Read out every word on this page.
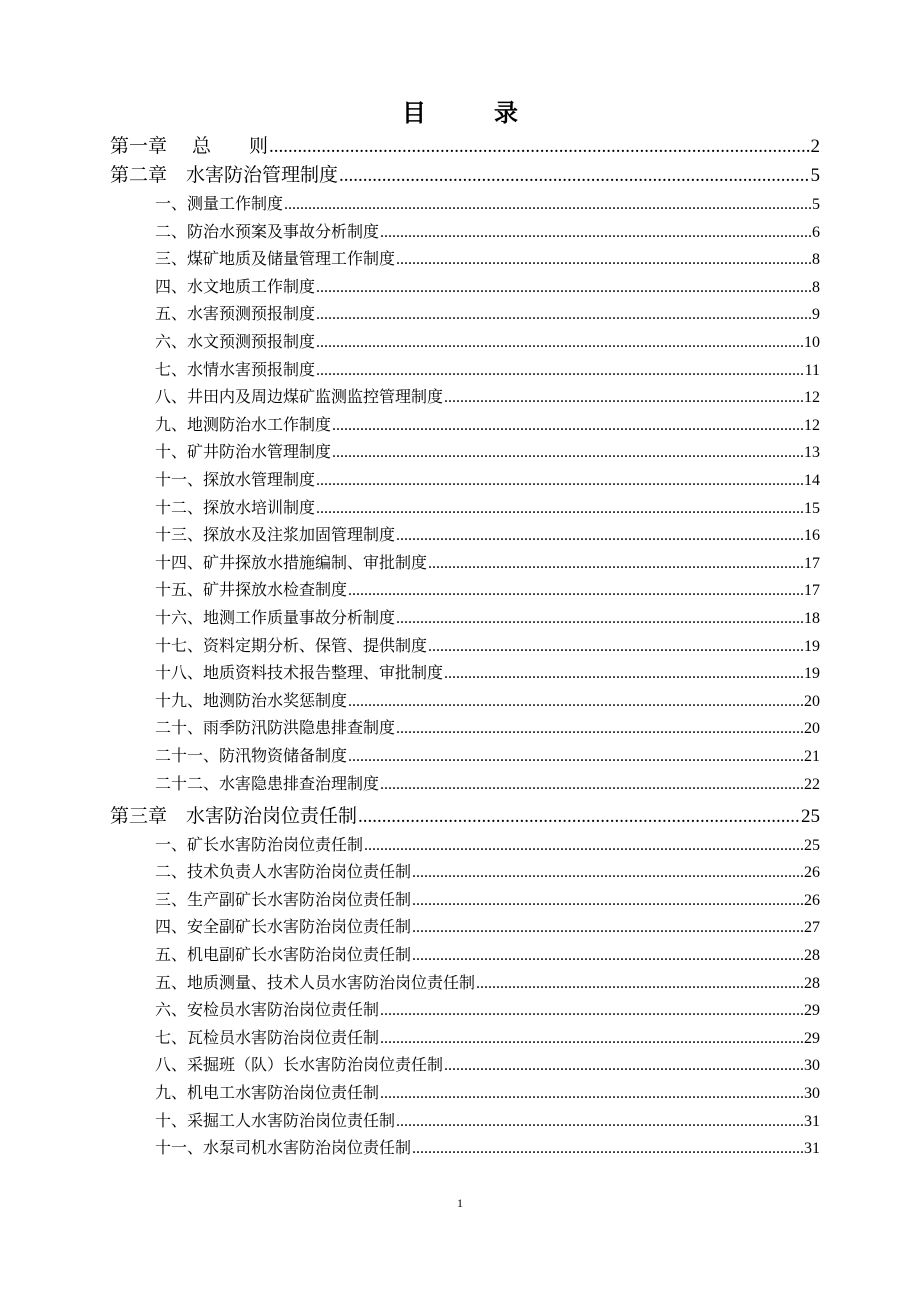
目　录
第一章　 总　　则 .....	2
第二章　水害防治管理制度 .....	5
一、测量工作制度 .....	5
二、防治水预案及事故分析制度 .....	6
三、煤矿地质及储量管理工作制度 .....	8
四、水文地质工作制度 .....	8
五、水害预测预报制度 .....	9
六、水文预测预报制度 .....	10
七、水情水害预报制度 .....	11
八、井田内及周边煤矿监测监控管理制度 .....	12
九、地测防治水工作制度 .....	12
十、矿井防治水管理制度 .....	13
十一、探放水管理制度 .....	14
十二、探放水培训制度 .....	15
十三、探放水及注浆加固管理制度 .....	16
十四、矿井探放水措施编制、审批制度 .....	17
十五、矿井探放水检查制度 .....	17
十六、地测工作质量事故分析制度 .....	18
十七、资料定期分析、保管、提供制度 .....	19
十八、地质资料技术报告整理、审批制度 .....	19
十九、地测防治水奖惩制度 .....	20
二十、雨季防汛防洪隐患排查制度 .....	20
二十一、防汛物资储备制度 .....	21
二十二、水害隐患排查治理制度 .....	22
第三章　水害防治岗位责任制 .....	25
一、矿长水害防治岗位责任制 .....	25
二、技术负责人水害防治岗位责任制 .....	26
三、生产副矿长水害防治岗位责任制 .....	26
四、安全副矿长水害防治岗位责任制 .....	27
五、机电副矿长水害防治岗位责任制 .....	28
五、地质测量、技术人员水害防治岗位责任制 .....	28
六、安检员水害防治岗位责任制 .....	29
七、瓦检员水害防治岗位责任制 .....	29
八、采掘班（队）长水害防治岗位责任制 .....	30
九、机电工水害防治岗位责任制 .....	30
十、采掘工人水害防治岗位责任制 .....	31
十一、水泵司机水害防治岗位责任制 .....	31
1
